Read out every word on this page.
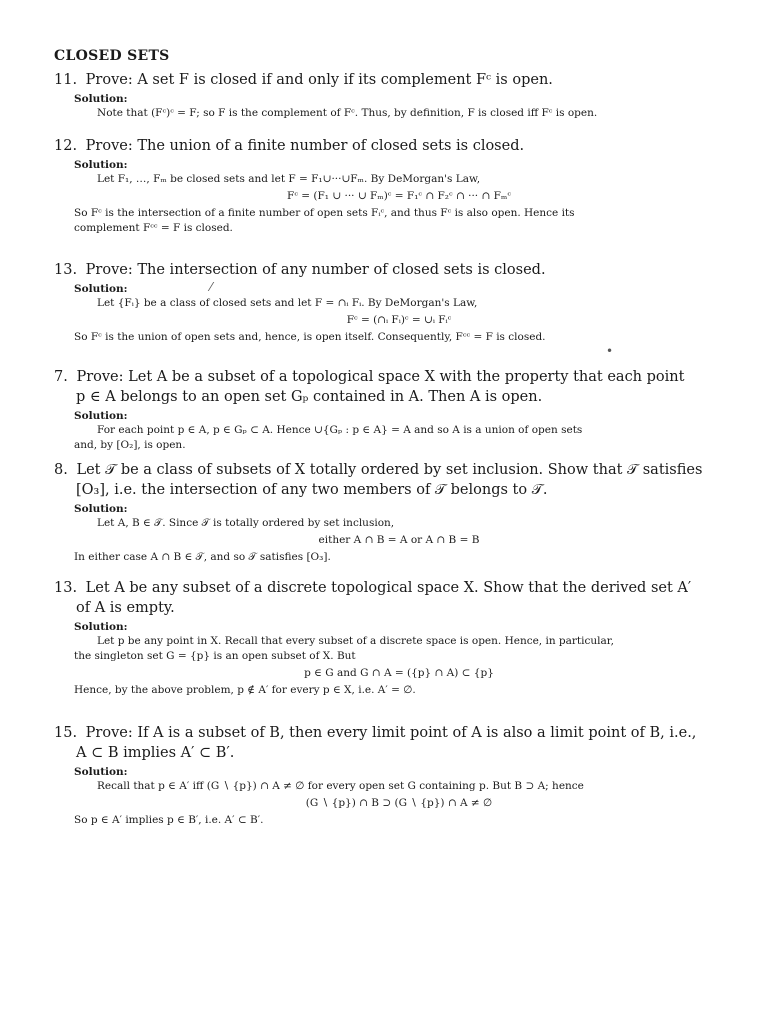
CLOSED SETS

11. Prove: A set F is closed if and only if its complement Fᶜ is open.

Solution:

Note that (Fᶜ)ᶜ = F; so F is the complement of Fᶜ. Thus, by definition, F is closed iff Fᶜ is open.

12. Prove: The union of a finite number of closed sets is closed.

Solution:

Let F₁, …, Fₘ be closed sets and let F = F₁∪···∪Fₘ. By DeMorgan's Law,

Fᶜ = (F₁ ∪ ··· ∪ Fₘ)ᶜ = F₁ᶜ ∩ F₂ᶜ ∩ ··· ∩ Fₘᶜ

So Fᶜ is the intersection of a finite number of open sets Fᵢᶜ, and thus Fᶜ is also open. Hence its

complement Fᶜᶜ = F is closed.

13. Prove: The intersection of any number of closed sets is closed.

Solution:

Let {Fᵢ} be a class of closed sets and let F = ∩ᵢ Fᵢ. By DeMorgan's Law,

Fᶜ = (∩ᵢ Fᵢ)ᶜ = ∪ᵢ Fᵢᶜ

So Fᶜ is the union of open sets and, hence, is open itself. Consequently, Fᶜᶜ = F is closed.

7. Prove: Let A be a subset of a topological space X with the property that each point
p ∈ A belongs to an open set Gₚ contained in A. Then A is open.

Solution:

For each point p ∈ A, p ∈ Gₚ ⊂ A. Hence ∪{Gₚ : p ∈ A} = A and so A is a union of open sets

and, by [O₂], is open.

8. Let 𝒯 be a class of subsets of X totally ordered by set inclusion. Show that 𝒯 satisfies
[O₃], i.e. the intersection of any two members of 𝒯 belongs to 𝒯.

Solution:

Let A, B ∈ 𝒯. Since 𝒯 is totally ordered by set inclusion,

either A ∩ B = A or A ∩ B = B

In either case A ∩ B ∈ 𝒯, and so 𝒯 satisfies [O₃].

13. Let A be any subset of a discrete topological space X. Show that the derived set A′
of A is empty.

Solution:

Let p be any point in X. Recall that every subset of a discrete space is open. Hence, in particular,

the singleton set G = {p} is an open subset of X. But

p ∈ G and G ∩ A = ({p} ∩ A) ⊂ {p}

Hence, by the above problem, p ∉ A′ for every p ∈ X, i.e. A′ = ∅.

15. Prove: If A is a subset of B, then every limit point of A is also a limit point of B, i.e.,
A ⊂ B implies A′ ⊂ B′.

Solution:

Recall that p ∈ A′ iff (G ∖ {p}) ∩ A ≠ ∅ for every open set G containing p. But B ⊃ A; hence

(G ∖ {p}) ∩ B ⊃ (G ∖ {p}) ∩ A ≠ ∅

So p ∈ A′ implies p ∈ B′, i.e. A′ ⊂ B′.

⁄
•
